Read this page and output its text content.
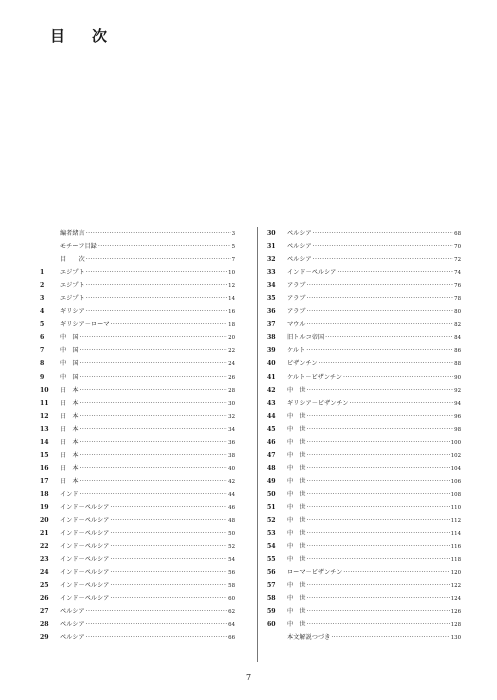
目　次
編者緒言 ·····	3
モチーフ目録 ·····	5
目　　次 ·····	7
1	エジプト ·····	10
2	エジプト ·····	12
3	エジプト ·····	14
4	ギリシア ·····	16
5	ギリシア－ローマ ·····	18
6	中　国 ·····	20
7	中　国 ·····	22
8	中　国 ·····	24
9	中　国 ·····	26
10	日　本 ·····	28
11	日　本 ·····	30
12	日　本 ·····	32
13	日　本 ·····	34
14	日　本 ·····	36
15	日　本 ·····	38
16	日　本 ·····	40
17	日　本 ·····	42
18	インド ·····	44
19	インド－ペルシア ·····	46
20	インド－ペルシア ·····	48
21	インド－ペルシア ·····	50
22	インド－ペルシア ·····	52
23	インド－ペルシア ·····	54
24	インド－ペルシア ·····	56
25	インド－ペルシア ·····	58
26	インド－ペルシア ·····	60
27	ペルシア ·····	62
28	ペルシア ·····	64
29	ペルシア ·····	66
30	ペルシア ·····	68
31	ペルシア ·····	70
32	ペルシア ·····	72
33	インド－ペルシア ·····	74
34	アラブ ·····	76
35	アラブ ·····	78
36	アラブ ·····	80
37	マウル ·····	82
38	旧トルコ帝国 ·····	84
39	ケルト ·····	86
40	ビザンチン ·····	88
41	ケルト－ビザンチン ·····	90
42	中　世 ·····	92
43	ギリシア－ビザンチン ·····	94
44	中　世 ·····	96
45	中　世 ·····	98
46	中　世 ·····	100
47	中　世 ·····	102
48	中　世 ·····	104
49	中　世 ·····	106
50	中　世 ·····	108
51	中　世 ·····	110
52	中　世 ·····	112
53	中　世 ·····	114
54	中　世 ·····	116
55	中　世 ·····	118
56	ローマ－ビザンチン ·····	120
57	中　世 ·····	122
58	中　世 ·····	124
59	中　世 ·····	126
60	中　世 ·····	128
本文解説つづき ·····	130
7
